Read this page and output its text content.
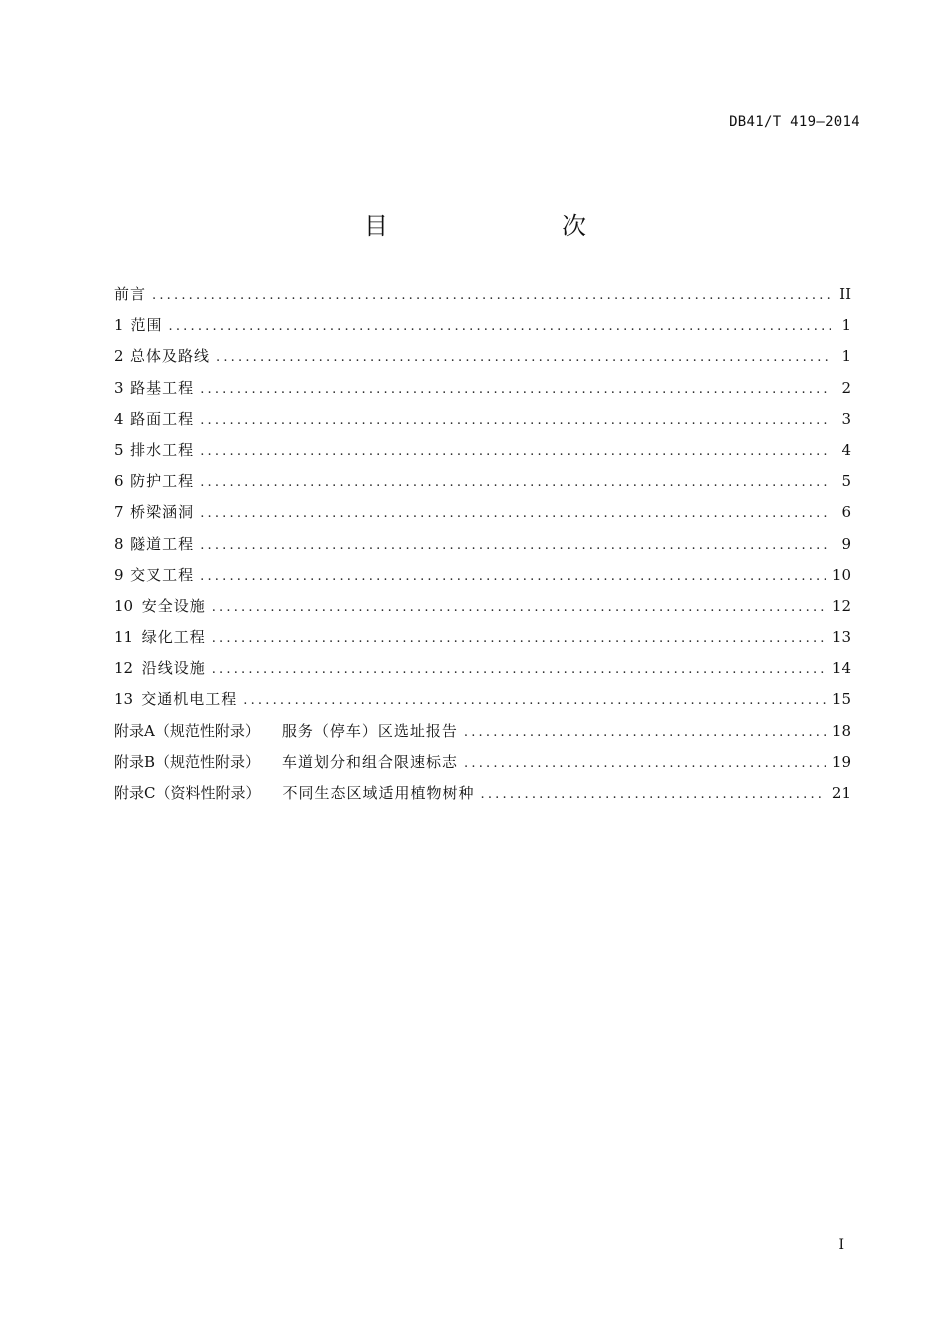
DB41/T 419—2014
目　　次
前言 .....	II
1 范围 .....	1
2 总体及路线 .....	1
3 路基工程 .....	2
4 路面工程 .....	3
5 排水工程 .....	4
6 防护工程 .....	5
7 桥梁涵洞 .....	6
8 隧道工程 .....	9
9 交叉工程 .....	10
10 安全设施 .....	12
11 绿化工程 .....	13
12 沿线设施 .....	14
13 交通机电工程 .....	15
附录A（规范性附录） 服务（停车）区选址报告 .....	18
附录B（规范性附录） 车道划分和组合限速标志 .....	19
附录C（资料性附录） 不同生态区域适用植物树种 .....	21
I
